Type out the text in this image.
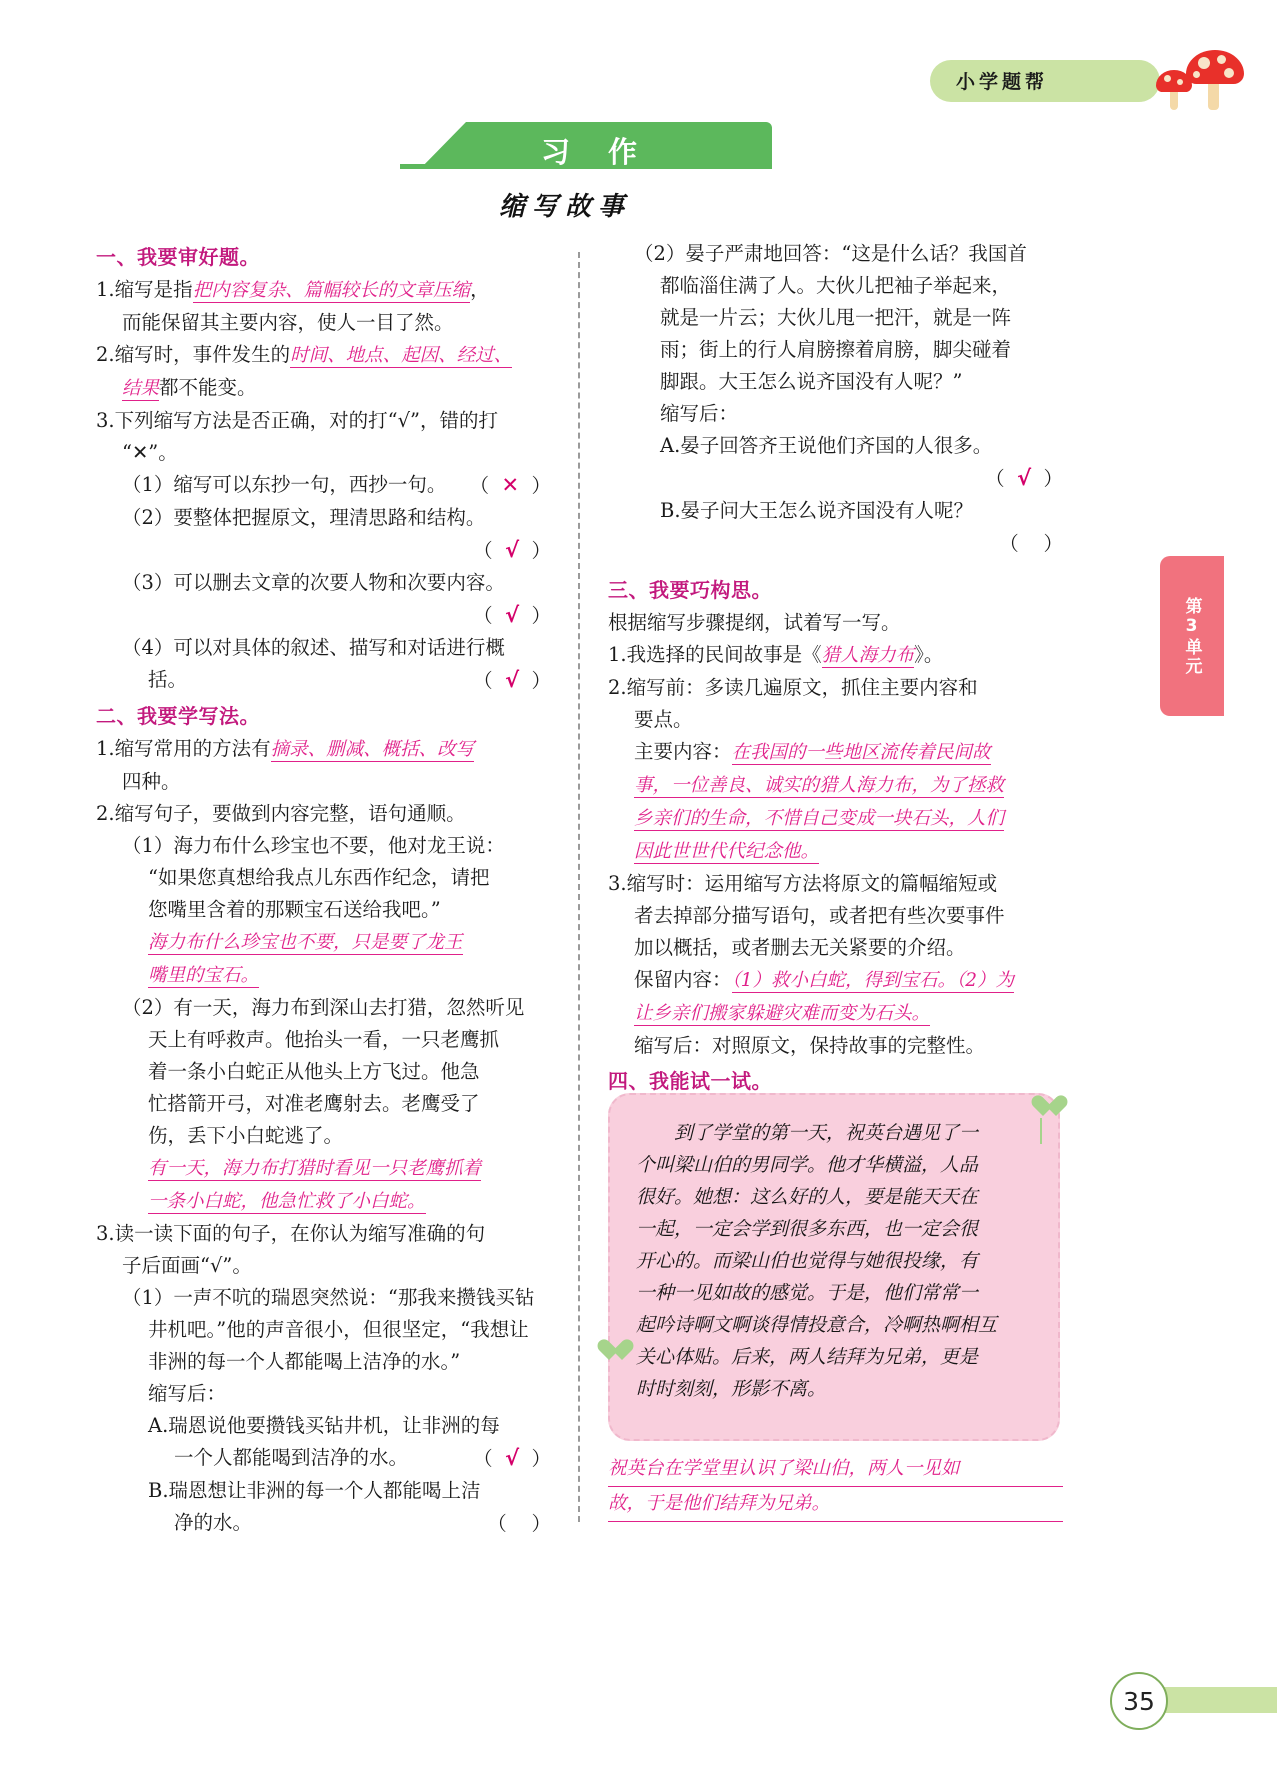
小学题帮
习 作
缩写故事
一、我要审好题。
1.缩写是指把内容复杂、篇幅较长的文章压缩，
而能保留其主要内容，使人一目了然。
2.缩写时，事件发生的时间、地点、起因、经过、
结果都不能变。
3.下列缩写方法是否正确，对的打“√”，错的打
“✕”。
（1）缩写可以东抄一句，西抄一句。 （  ✕  ）
（2）要整体把握原文，理清思路和结构。
（  √  ）
（3）可以删去文章的次要人物和次要内容。
（  √  ）
（4）可以对具体的叙述、描写和对话进行概
括。	（  √  ）
二、我要学写法。
1.缩写常用的方法有摘录、删减、概括、改写
四种。
2.缩写句子，要做到内容完整，语句通顺。
（1）海力布什么珍宝也不要，他对龙王说：
“如果您真想给我点儿东西作纪念，请把
您嘴里含着的那颗宝石送给我吧。”
海力布什么珍宝也不要，只是要了龙王
嘴里的宝石。
（2）有一天，海力布到深山去打猎，忽然听见
天上有呼救声。他抬头一看，一只老鹰抓
着一条小白蛇正从他头上方飞过。他急
忙搭箭开弓，对准老鹰射去。老鹰受了
伤，丢下小白蛇逃了。
有一天，海力布打猎时看见一只老鹰抓着
一条小白蛇，他急忙救了小白蛇。
3.读一读下面的句子，在你认为缩写准确的句
子后面画“√”。
（1）一声不吭的瑞恩突然说：“那我来攒钱买钻
井机吧。”他的声音很小，但很坚定，“我想让
非洲的每一个人都能喝上洁净的水。”
缩写后：
A.瑞恩说他要攒钱买钻井机，让非洲的每
一个人都能喝到洁净的水。	（  √  ）
B.瑞恩想让非洲的每一个人都能喝上洁
净的水。	（    ）
（2）晏子严肃地回答：“这是什么话？我国首
都临淄住满了人。大伙儿把袖子举起来，
就是一片云；大伙儿甩一把汗，就是一阵
雨；街上的行人肩膀擦着肩膀，脚尖碰着
脚跟。大王怎么说齐国没有人呢？”
缩写后：
A.晏子回答齐王说他们齐国的人很多。
（  √  ）
B.晏子问大王怎么说齐国没有人呢？
（    ）
三、我要巧构思。
根据缩写步骤提纲，试着写一写。
1.我选择的民间故事是《猎人海力布》。
2.缩写前：多读几遍原文，抓住主要内容和
要点。
主要内容：在我国的一些地区流传着民间故
事，一位善良、诚实的猎人海力布，为了拯救
乡亲们的生命，不惜自己变成一块石头，人们
因此世世代代纪念他。
3.缩写时：运用缩写方法将原文的篇幅缩短或
者去掉部分描写语句，或者把有些次要事件
加以概括，或者删去无关紧要的介绍。
保留内容：（1）救小白蛇，得到宝石。（2）为
让乡亲们搬家躲避灾难而变为石头。
缩写后：对照原文，保持故事的完整性。
四、我能试一试。
到了学堂的第一天，祝英台遇见了一
个叫梁山伯的男同学。他才华横溢，人品
很好。她想：这么好的人，要是能天天在
一起，一定会学到很多东西，也一定会很
开心的。而梁山伯也觉得与她很投缘，有
一种一见如故的感觉。于是，他们常常一
起吟诗啊文啊谈得情投意合，冷啊热啊相互
关心体贴。后来，两人结拜为兄弟，更是
时时刻刻，形影不离。
祝英台在学堂里认识了梁山伯，两人一见如
故，于是他们结拜为兄弟。
第3单元
35
